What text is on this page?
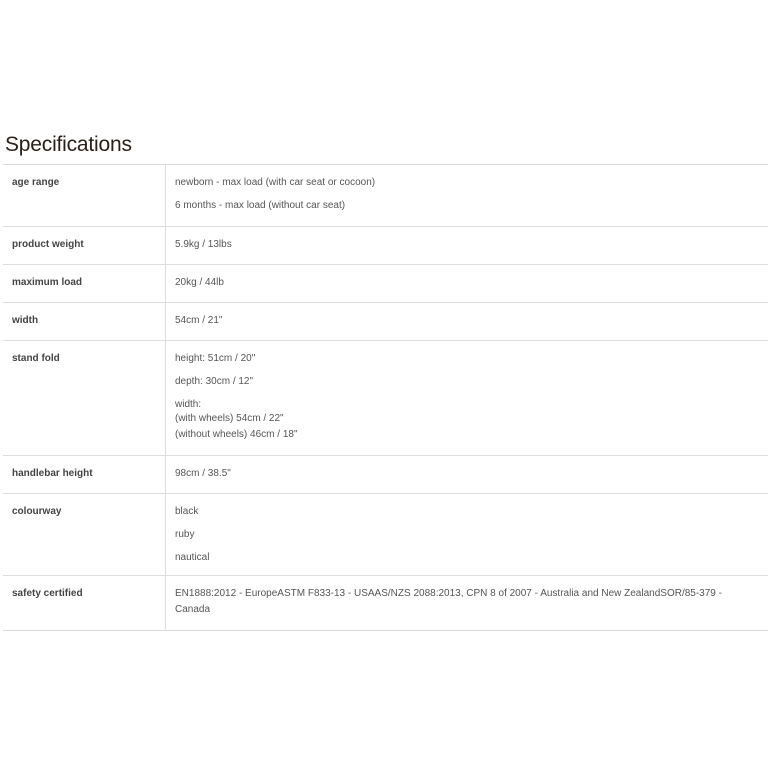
Specifications
age range	newborn - max load (with car seat or cocoon)
6 months - max load (without car seat)

product weight	5.9kg / 13lbs

maximum load	20kg / 44lb

width	54cm / 21"

stand fold	height: 51cm / 20"
depth: 30cm / 12"
width:
(with wheels) 54cm / 22"
(without wheels) 46cm / 18"

handlebar height	98cm / 38.5"

colourway	black
ruby
nautical

safety certified	EN1888:2012 - EuropeASTM F833-13 - USAAS/NZS 2088:2013, CPN 8 of 2007 - Australia and New ZealandSOR/85-379 - Canada
